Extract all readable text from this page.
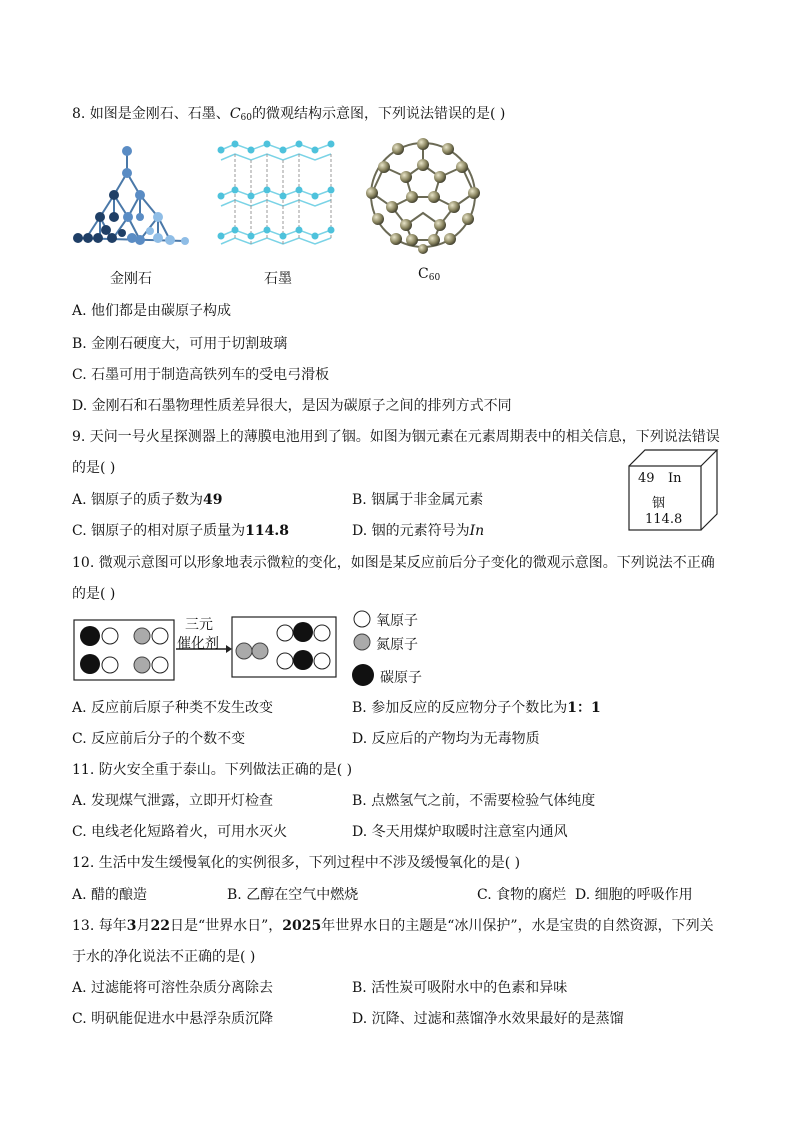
8. 如图是金刚石、石墨、$C_{60}$的微观结构示意图，下列说法错误的是( )
金刚石	石墨	$C_{60}$
A. 他们都是由碳原子构成
B. 金刚石硬度大，可用于切割玻璃
C. 石墨可用于制造高铁列车的受电弓滑板
D. 金刚石和石墨物理性质差异很大，是因为碳原子之间的排列方式不同
9. 天问一号火星探测器上的薄膜电池用到了铟。如图为铟元素在元素周期表中的相关信息，下列说法错误
的是( )
A. 铟原子的质子数为49	B. 铟属于非金属元素
C. 铟原子的相对原子质量为114.8	D. 铟的元素符号为In
49 In
铟
114.8
10. 微观示意图可以形象地表示微粒的变化，如图是某反应前后分子变化的微观示意图。下列说法不正确
的是( )
三元
催化剂
氧原子
氮原子
碳原子
A. 反应前后原子种类不发生改变	B. 参加反应的反应物分子个数比为1：1
C. 反应前后分子的个数不变	D. 反应后的产物均为无毒物质
11. 防火安全重于泰山。下列做法正确的是( )
A. 发现煤气泄露，立即开灯检查	B. 点燃氢气之前，不需要检验气体纯度
C. 电线老化短路着火，可用水灭火	D. 冬天用煤炉取暖时注意室内通风
12. 生活中发生缓慢氧化的实例很多，下列过程中不涉及缓慢氧化的是( )
A. 醋的酿造	B. 乙醇在空气中燃烧	C. 食物的腐烂 D. 细胞的呼吸作用
13. 每年3月22日是“世界水日”，2025年世界水日的主题是“冰川保护”，水是宝贵的自然资源，下列关
于水的净化说法不正确的是( )
A. 过滤能将可溶性杂质分离除去	B. 活性炭可吸附水中的色素和异味
C. 明矾能促进水中悬浮杂质沉降	D. 沉降、过滤和蒸馏净水效果最好的是蒸馏
